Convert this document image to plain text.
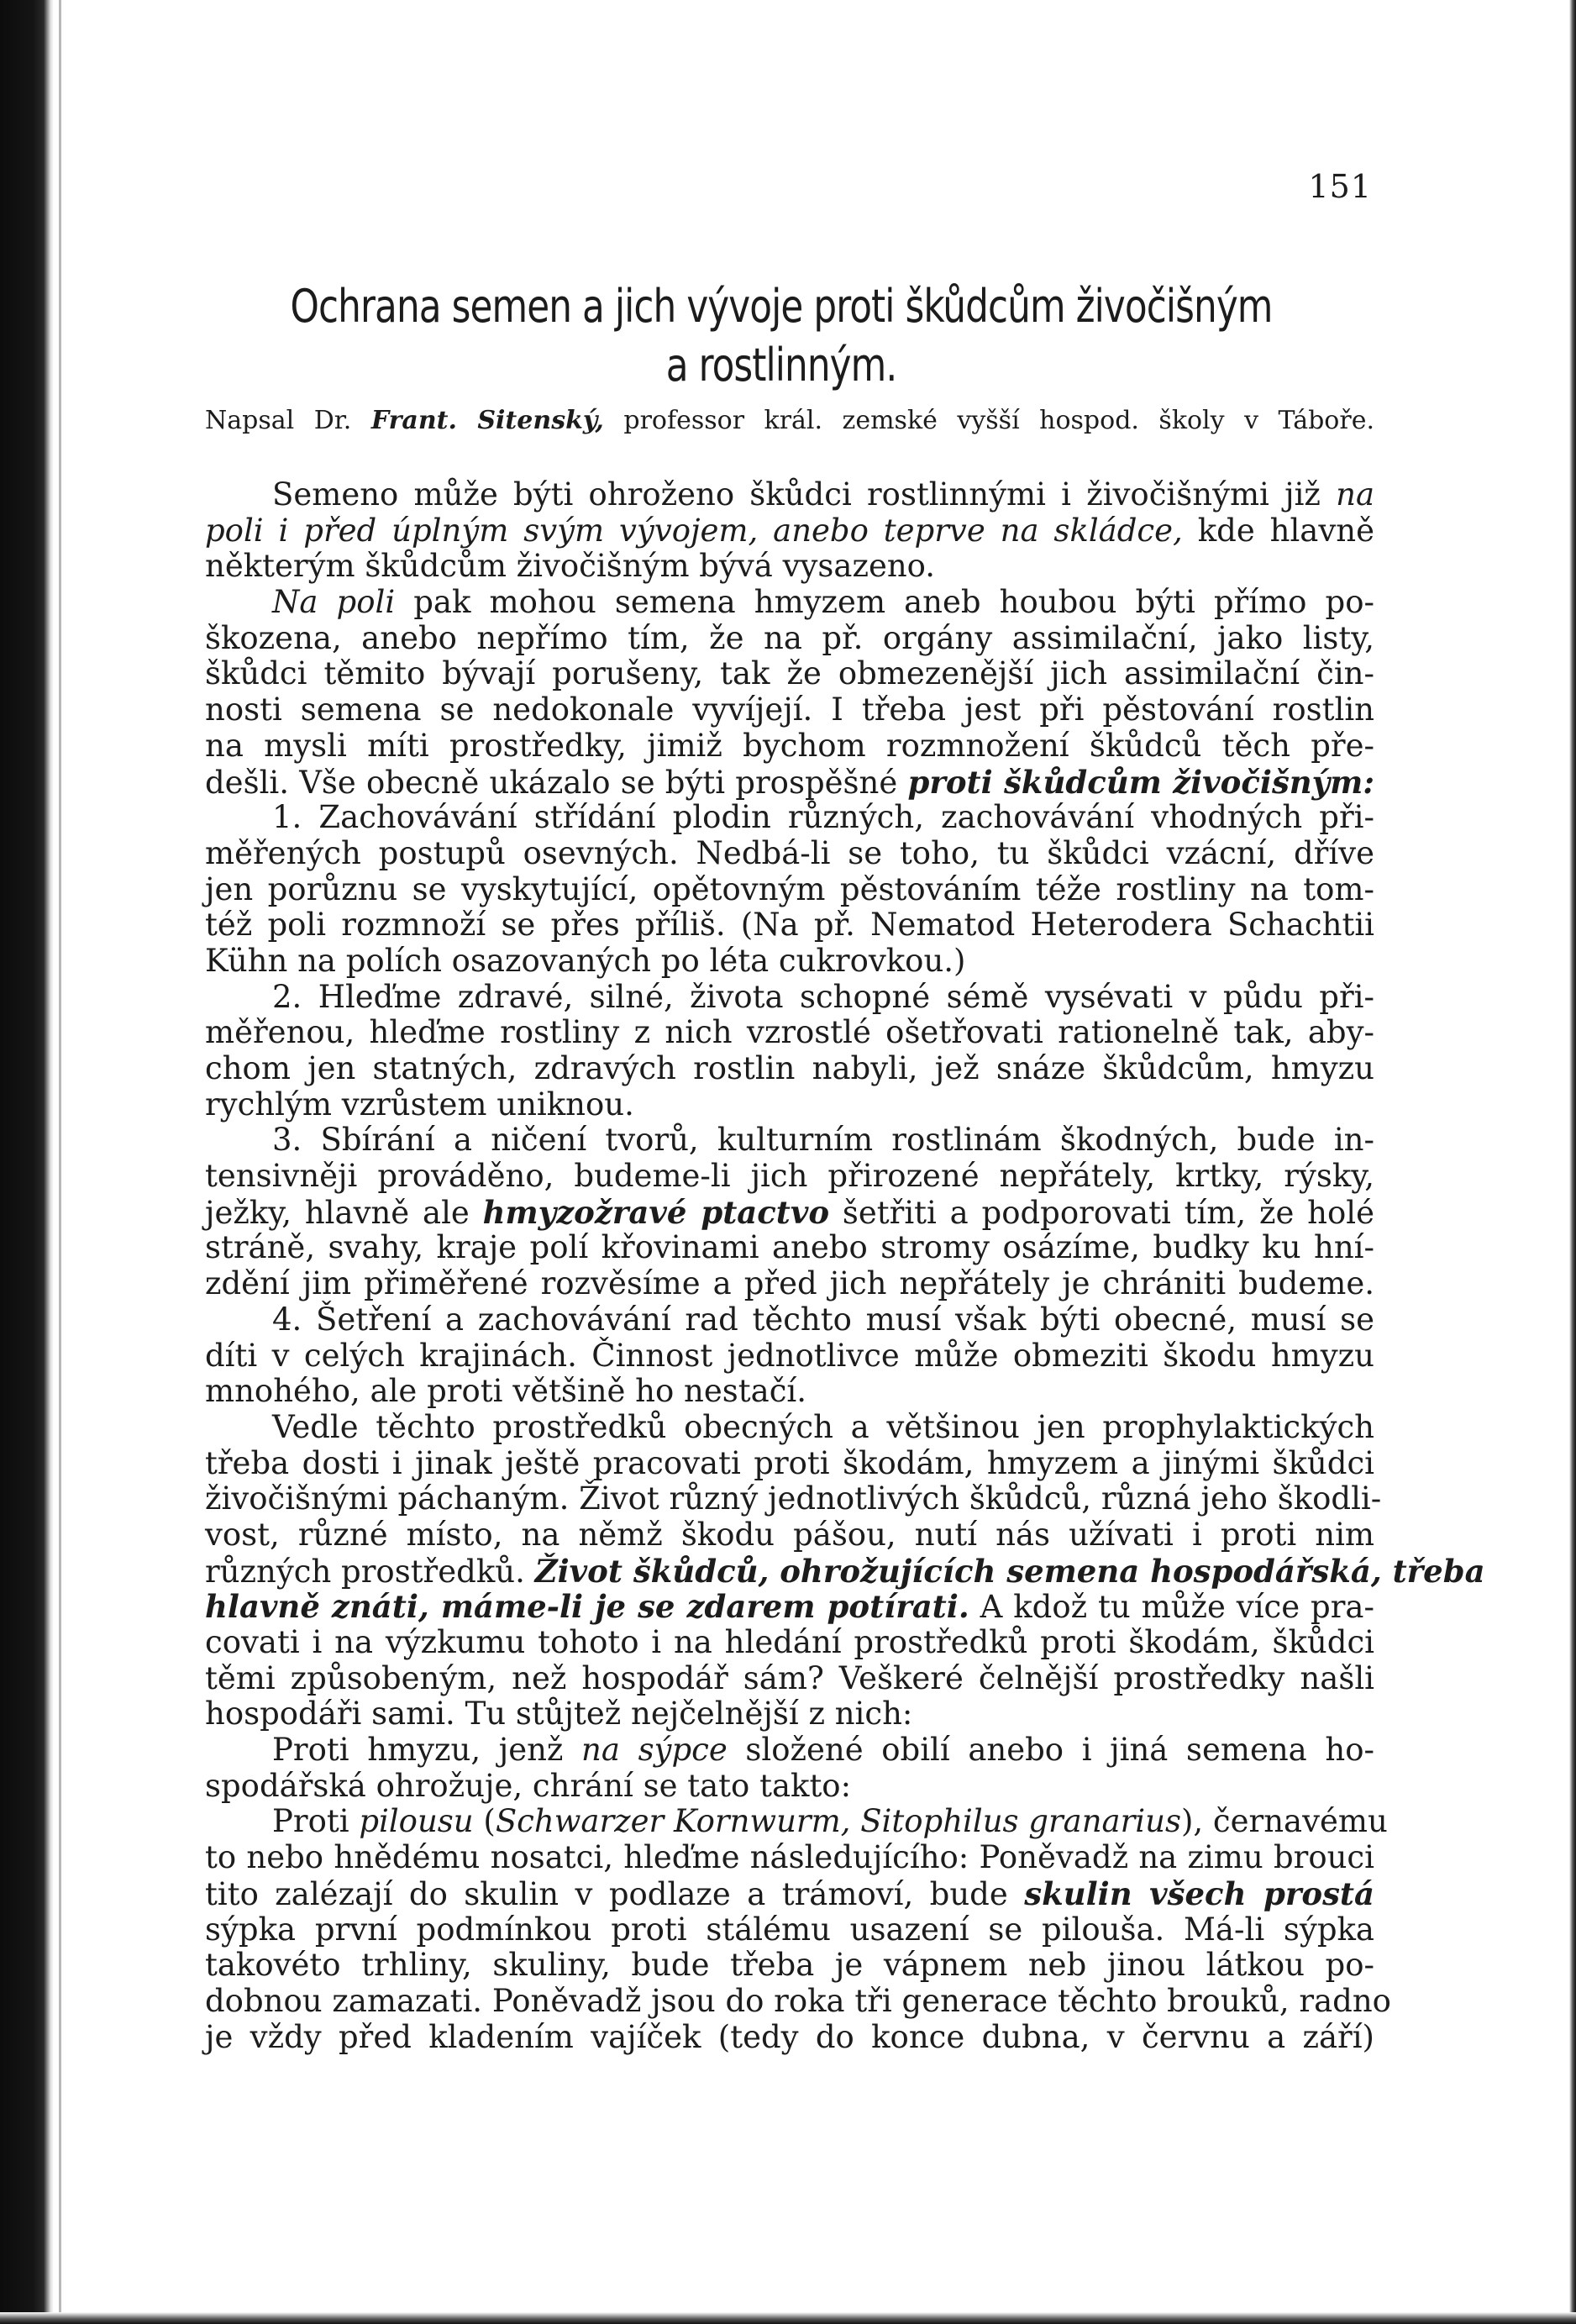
151
Ochrana semen a jich vývoje proti škůdcům živočišným
a rostlinným.
Napsal Dr. Frant. Sitenský, professor král. zemské vyšší hospod. školy v Táboře.
Semeno může býti ohroženo škůdci rostlinnými i živočišnými již na
poli i před úplným svým vývojem, anebo teprve na skládce, kde hlavně
některým škůdcům živočišným bývá vysazeno.
Na poli pak mohou semena hmyzem aneb houbou býti přímo po-
škozena, anebo nepřímo tím, že na př. orgány assimilační, jako listy,
škůdci těmito bývají porušeny, tak že obmezenější jich assimilační čin-
nosti semena se nedokonale vyvíjejí. I třeba jest při pěstování rostlin
na mysli míti prostředky, jimiž bychom rozmnožení škůdců těch pře-
dešli. Vše obecně ukázalo se býti prospěšné proti škůdcům živočišným:
1. Zachovávání střídání plodin různých, zachovávání vhodných při-
měřených postupů osevných. Nedbá-li se toho, tu škůdci vzácní, dříve
jen porůznu se vyskytující, opětovným pěstováním téže rostliny na tom-
též poli rozmnoží se přes příliš. (Na př. Nematod Heterodera Schachtii
Kühn na polích osazovaných po léta cukrovkou.)
2. Hleďme zdravé, silné, života schopné sémě vysévati v půdu při-
měřenou, hleďme rostliny z nich vzrostlé ošetřovati rationelně tak, aby-
chom jen statných, zdravých rostlin nabyli, jež snáze škůdcům, hmyzu
rychlým vzrůstem uniknou.
3. Sbírání a ničení tvorů, kulturním rostlinám škodných, bude in-
tensivněji prováděno, budeme-li jich přirozené nepřátely, krtky, rýsky,
ježky, hlavně ale hmyzožravé ptactvo šetřiti a podporovati tím, že holé
stráně, svahy, kraje polí křovinami anebo stromy osázíme, budky ku hní-
zdění jim přiměřené rozvěsíme a před jich nepřátely je chrániti budeme.
4. Šetření a zachovávání rad těchto musí však býti obecné, musí se
díti v celých krajinách. Činnost jednotlivce může obmeziti škodu hmyzu
mnohého, ale proti většině ho nestačí.
Vedle těchto prostředků obecných a většinou jen prophylaktických
třeba dosti i jinak ještě pracovati proti škodám, hmyzem a jinými škůdci
živočišnými páchaným. Život různý jednotlivých škůdců, různá jeho škodli-
vost, různé místo, na němž škodu pášou, nutí nás užívati i proti nim
různých prostředků. Život škůdců, ohrožujících semena hospodářská, třeba
hlavně znáti, máme-li je se zdarem potírati. A kdož tu může více pra-
covati i na výzkumu tohoto i na hledání prostředků proti škodám, škůdci
těmi způsobeným, než hospodář sám? Veškeré čelnější prostředky našli
hospodáři sami. Tu stůjtež nejčelnější z nich:
Proti hmyzu, jenž na sýpce složené obilí anebo i jiná semena ho-
spodářská ohrožuje, chrání se tato takto:
Proti pilousu (Schwarzer Kornwurm, Sitophilus granarius), černavému
to nebo hnědému nosatci, hleďme následujícího: Poněvadž na zimu brouci
tito zalézají do skulin v podlaze a trámoví, bude skulin všech prostá
sýpka první podmínkou proti stálému usazení se pilouša. Má-li sýpka
takovéto trhliny, skuliny, bude třeba je vápnem neb jinou látkou po-
dobnou zamazati. Poněvadž jsou do roka tři generace těchto brouků, radno
je vždy před kladením vajíček (tedy do konce dubna, v červnu a září)
